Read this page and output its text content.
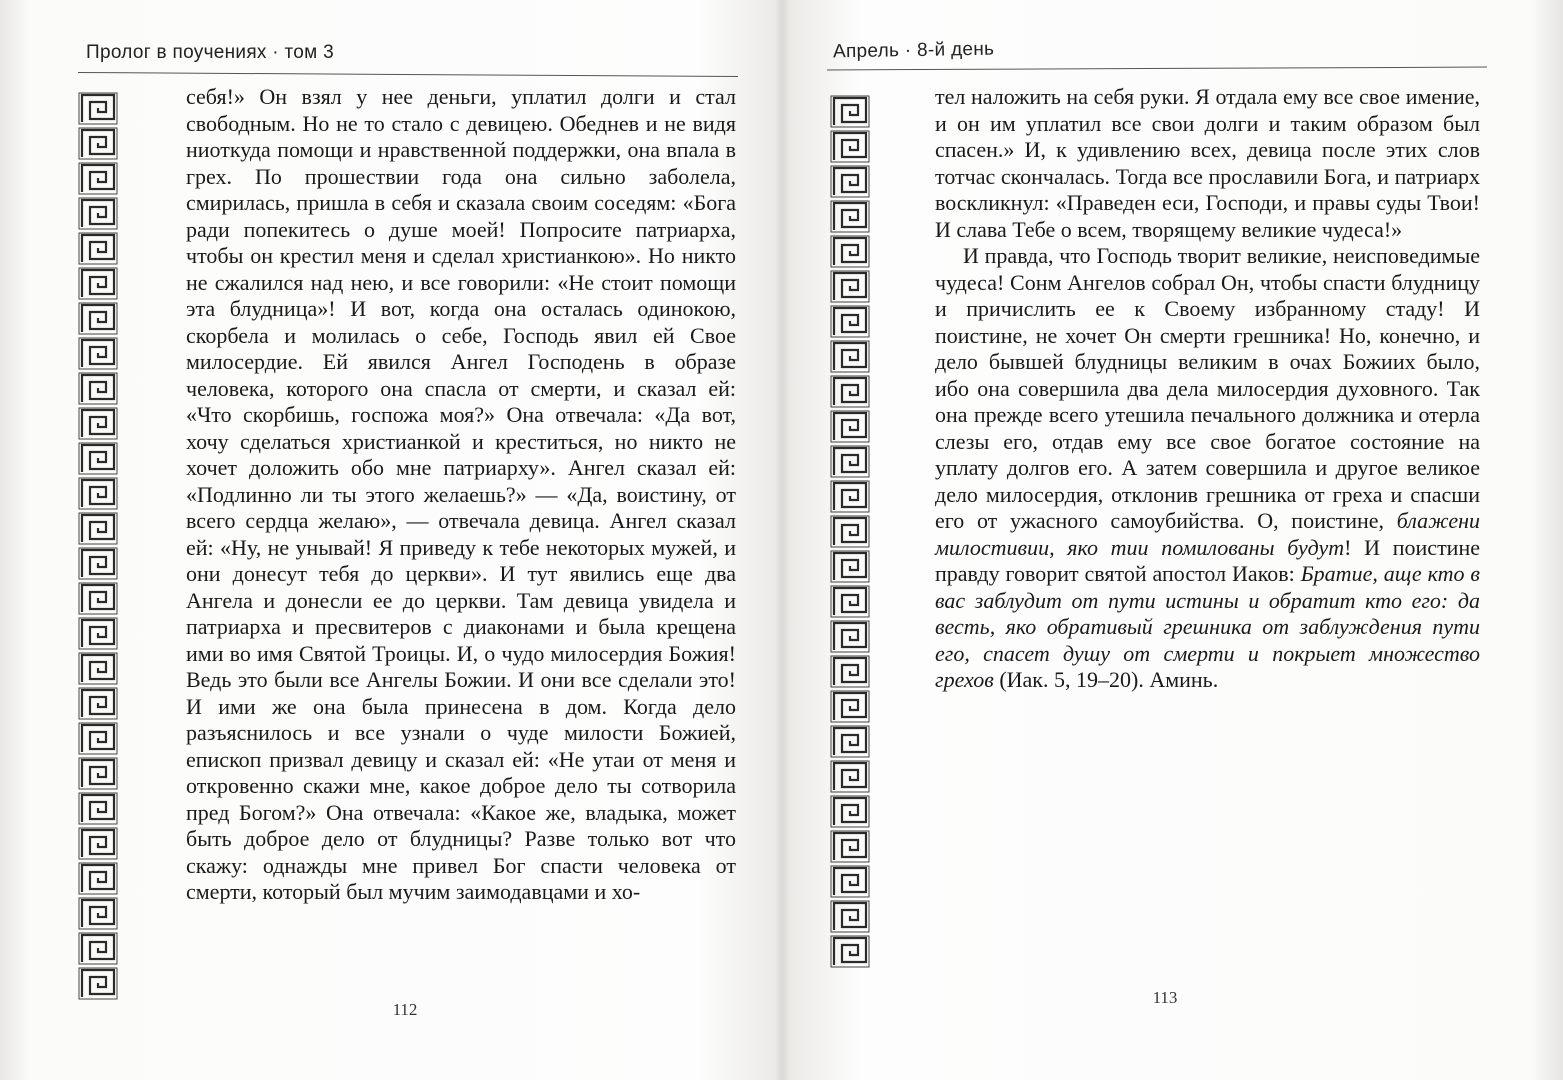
Пролог в поучениях · том 3

себя!» Он взял у нее деньги, уплатил долги и стал свободным. Но не то стало с девицею. Обеднев и не видя ниоткуда помощи и нравственной поддержки, она впала в грех. По прошествии года она сильно заболела, смирилась, пришла в себя и сказала своим соседям: «Бога ради попекитесь о душе моей! Попросите патриарха, чтобы он крестил меня и сделал христианкою». Но никто не сжалился над нею, и все говорили: «Не стоит помощи эта блудница»! И вот, когда она осталась одинокою, скорбела и молилась о себе, Господь явил ей Свое милосердие. Ей явился Ангел Господень в образе человека, которого она спасла от смерти, и сказал ей: «Что скорбишь, госпожа моя?» Она отвечала: «Да вот, хочу сделаться христианкой и креститься, но никто не хочет доложить обо мне патриарху». Ангел сказал ей: «Подлинно ли ты этого желаешь?» — «Да, воистину, от всего сердца желаю», — отвечала девица. Ангел сказал ей: «Ну, не унывай! Я приведу к тебе некоторых мужей, и они донесут тебя до церкви». И тут явились еще два Ангела и донесли ее до церкви. Там девица увидела и патриарха и пресвитеров с диаконами и была крещена ими во имя Святой Троицы. И, о чудо милосердия Божия! Ведь это были все Ангелы Божии. И они все сделали это! И ими же она была принесена в дом. Когда дело разъяснилось и все узнали о чуде милости Божией, епископ призвал девицу и сказал ей: «Не утаи от меня и откровенно скажи мне, какое доброе дело ты сотворила пред Богом?» Она отвечала: «Какое же, владыка, может быть доброе дело от блудницы? Разве только вот что скажу: однажды мне привел Бог спасти человека от смерти, который был мучим заимодавцами и хо-

112
Апрель · 8-й день

тел наложить на себя руки. Я отдала ему все свое имение, и он им уплатил все свои долги и таким образом был спасен.» И, к удивлению всех, девица после этих слов тотчас скончалась. Тогда все прославили Бога, и патриарх воскликнул: «Праведен еси, Господи, и правы суды Твои! И слава Тебе о всем, творящему великие чудеса!»

И правда, что Господь творит великие, неисповедимые чудеса! Сонм Ангелов собрал Он, чтобы спасти блудницу и причислить ее к Своему избранному стаду! И поистине, не хочет Он смерти грешника! Но, конечно, и дело бывшей блудницы великим в очах Божиих было, ибо она совершила два дела милосердия духовного. Так она прежде всего утешила печального должника и отерла слезы его, отдав ему все свое богатое состояние на уплату долгов его. А затем совершила и другое великое дело милосердия, отклонив грешника от греха и спасши его от ужасного самоубийства. О, поистине, блажени милостивии, яко тии помилованы будут! И поистине правду говорит святой апостол Иаков: Братие, аще кто в вас заблудит от пути истины и обратит кто его: да весть, яко обративый грешника от заблуждения пути его, спасет душу от смерти и покрыет множество грехов (Иак. 5, 19–20). Аминь.

113
